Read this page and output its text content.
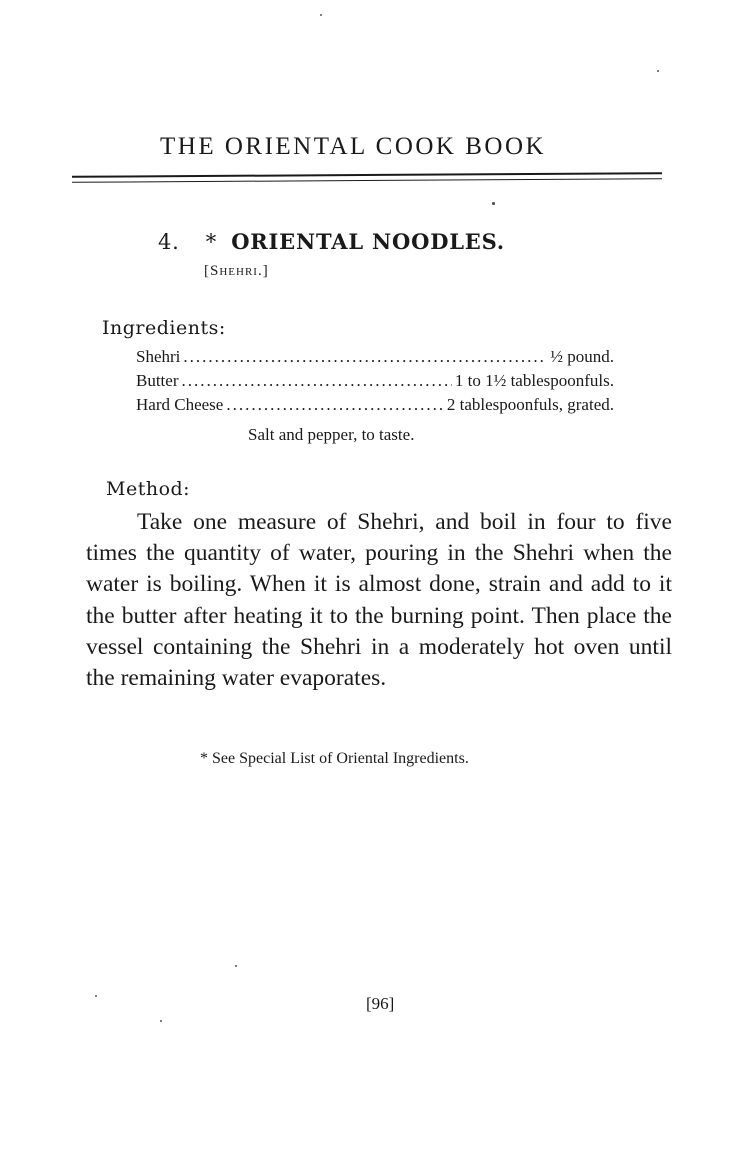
THE ORIENTAL COOK BOOK
4. * ORIENTAL NOODLES.
[Shehri.]
Ingredients:
Shehri .....	½ pound.
Butter .....	1 to 1½ tablespoonfuls.
Hard Cheese .....	2 tablespoonfuls, grated.
Salt and pepper, to taste.
Method:
Take one measure of Shehri, and boil in four to five times the quantity of water, pouring in the Shehri when the water is boiling. When it is almost done, strain and add to it the butter after heating it to the burning point. Then place the vessel containing the Shehri in a moderately hot oven until the remaining water evaporates.
* See Special List of Oriental Ingredients.
[96]
